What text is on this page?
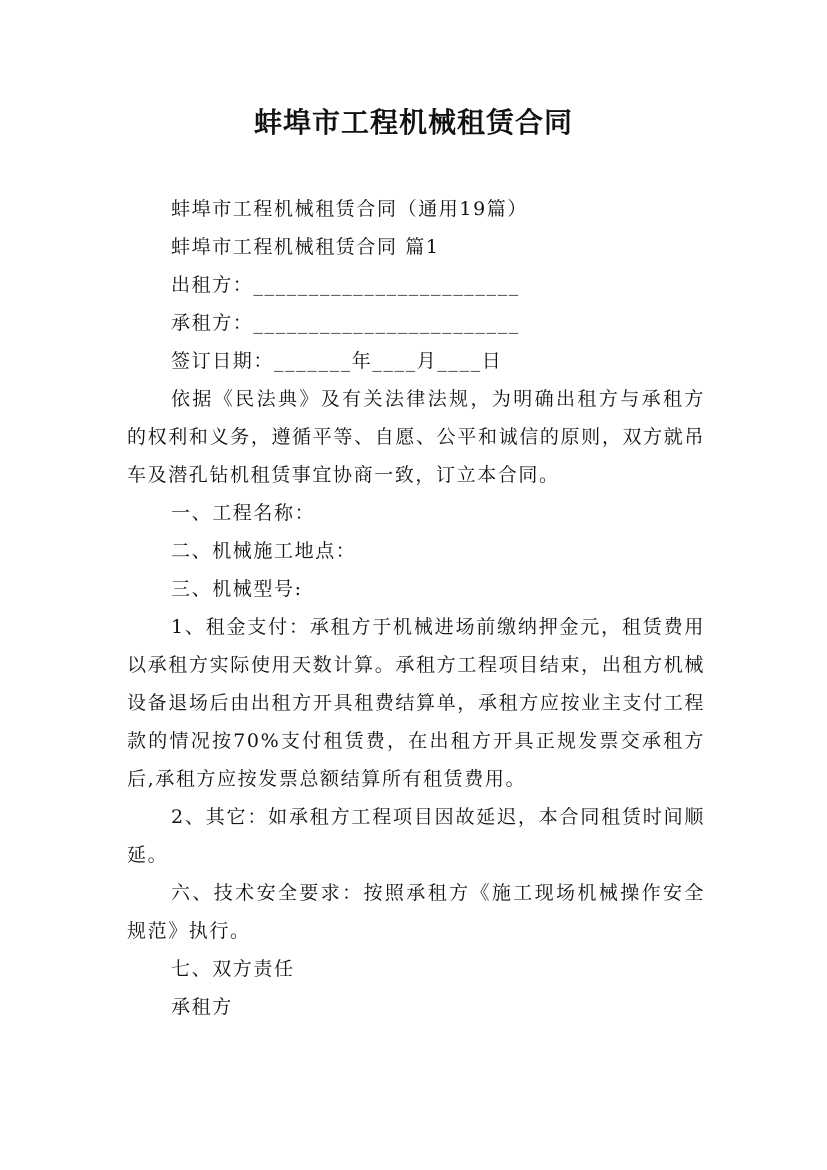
蚌埠市工程机械租赁合同
蚌埠市工程机械租赁合同（通用19篇）
蚌埠市工程机械租赁合同 篇1
出租方：________________________
承租方：________________________
签订日期：_______年____月____日
依据《民法典》及有关法律法规，为明确出租方与承租方的权利和义务，遵循平等、自愿、公平和诚信的原则，双方就吊车及潜孔钻机租赁事宜协商一致，订立本合同。
一、工程名称：
二、机械施工地点：
三、机械型号:
1、租金支付：承租方于机械进场前缴纳押金元，租赁费用以承租方实际使用天数计算。承租方工程项目结束，出租方机械设备退场后由出租方开具租费结算单，承租方应按业主支付工程款的情况按70%支付租赁费，在出租方开具正规发票交承租方后,承租方应按发票总额结算所有租赁费用。
2、其它：如承租方工程项目因故延迟，本合同租赁时间顺延。
六、技术安全要求：按照承租方《施工现场机械操作安全规范》执行。
七、双方责任
承租方
